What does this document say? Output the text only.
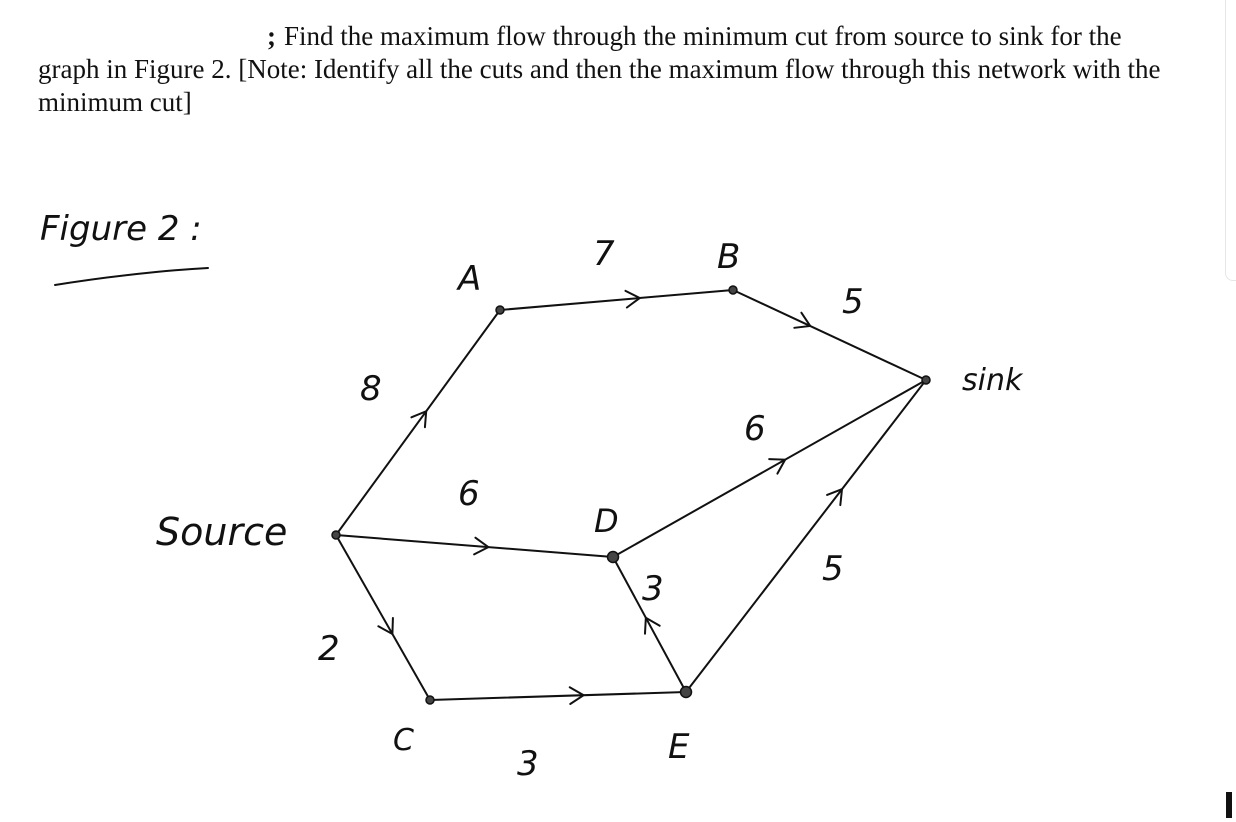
; Find the maximum flow through the minimum cut from source to sink for the graph in Figure 2. [Note: Identify all the cuts and then the maximum flow through this network with the minimum cut]
Figure 2 :
8
7
5
6
6
2
3
3	5
Source
A
B
C
D
E
sink
